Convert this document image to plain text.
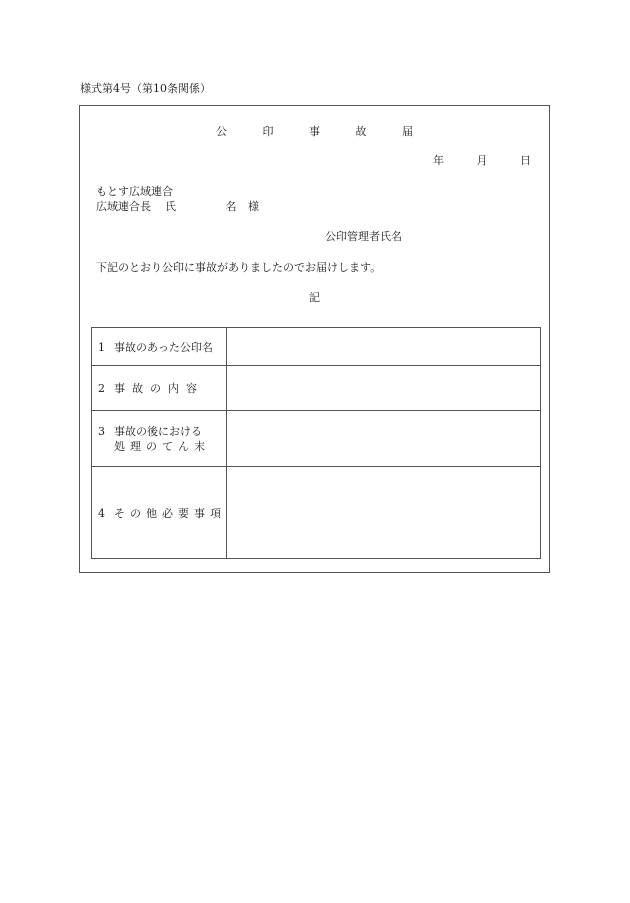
様式第4号（第10条関係）
公	印	事	故	届
年	月	日
もとす広域連合
広域連合長 氏	名 様
公印管理者氏名
下記のとおり公印に事故がありましたのでお届けします。
記
1 事故のあった公印名	
2 事故の内容	

3 事故の後における
処理のてん末	

4 その他必要事項	
